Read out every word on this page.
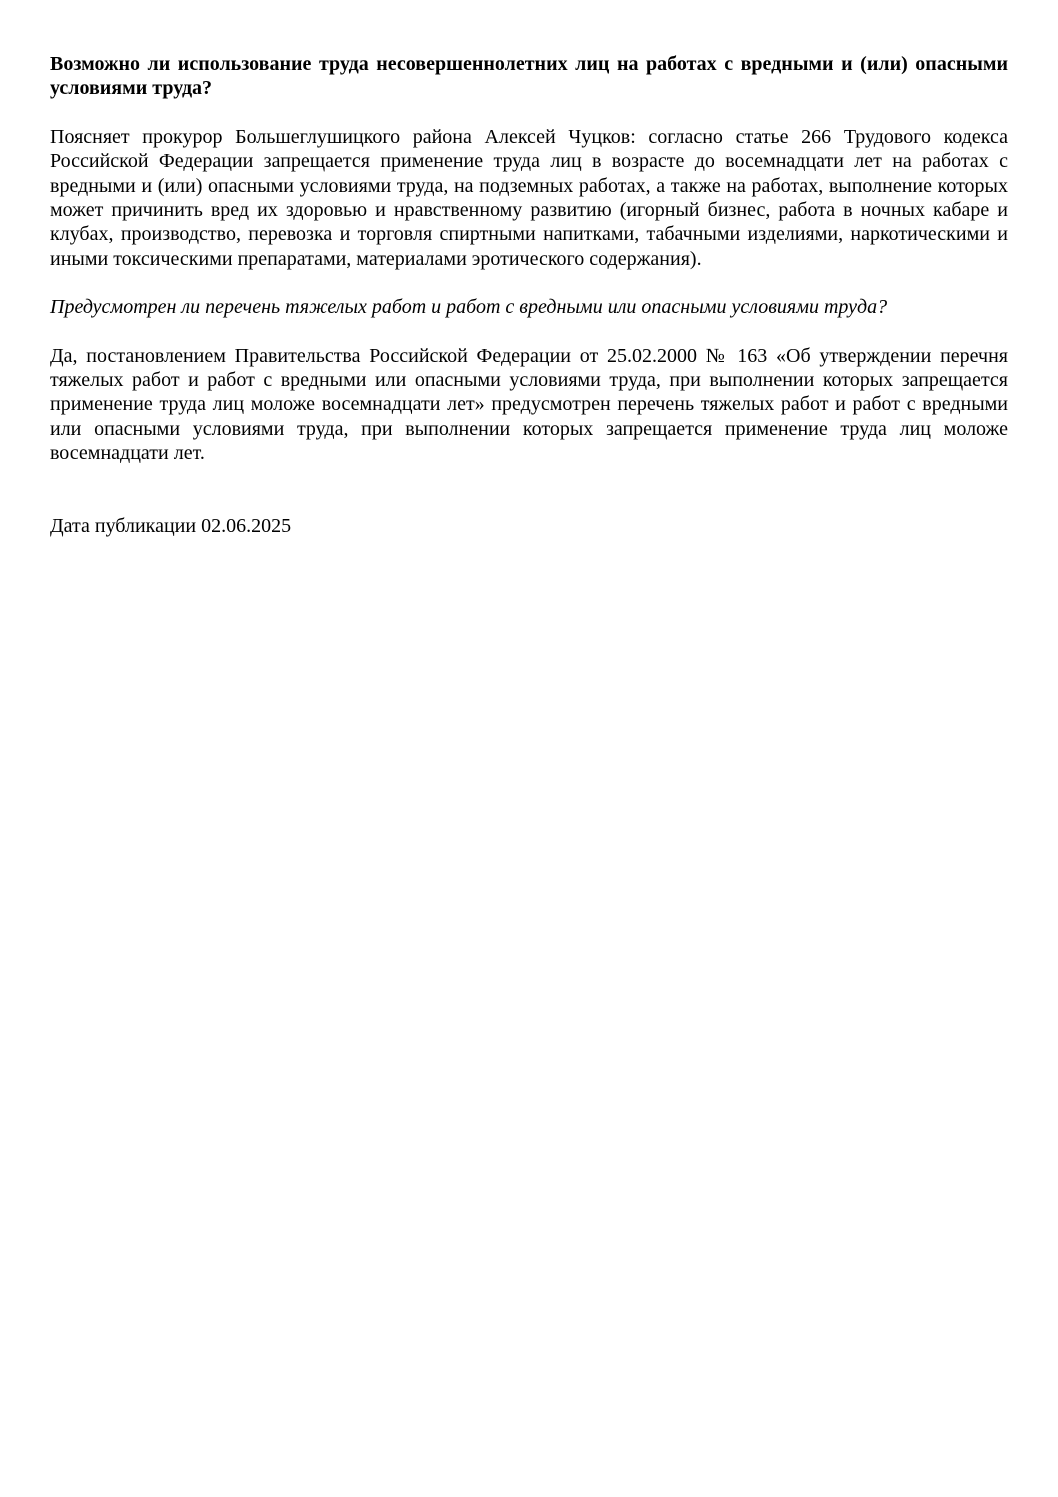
Возможно ли использование труда несовершеннолетних лиц на работах с вредными и (или) опасными условиями труда?

Поясняет прокурор Большеглушицкого района Алексей Чуцков: согласно статье 266 Трудового кодекса Российской Федерации запрещается применение труда лиц в возрасте до восемнадцати лет на работах с вредными и (или) опасными условиями труда, на подземных работах, а также на работах, выполнение которых может причинить вред их здоровью и нравственному развитию (игорный бизнес, работа в ночных кабаре и клубах, производство, перевозка и торговля спиртными напитками, табачными изделиями, наркотическими и иными токсическими препаратами, материалами эротического содержания).

Предусмотрен ли перечень тяжелых работ и работ с вредными или опасными условиями труда?

Да, постановлением Правительства Российской Федерации от 25.02.2000 № 163 «Об утверждении перечня тяжелых работ и работ с вредными или опасными условиями труда, при выполнении которых запрещается применение труда лиц моложе восемнадцати лет» предусмотрен перечень тяжелых работ и работ с вредными или опасными условиями труда, при выполнении которых запрещается применение труда лиц моложе восемнадцати лет.

Дата публикации 02.06.2025
